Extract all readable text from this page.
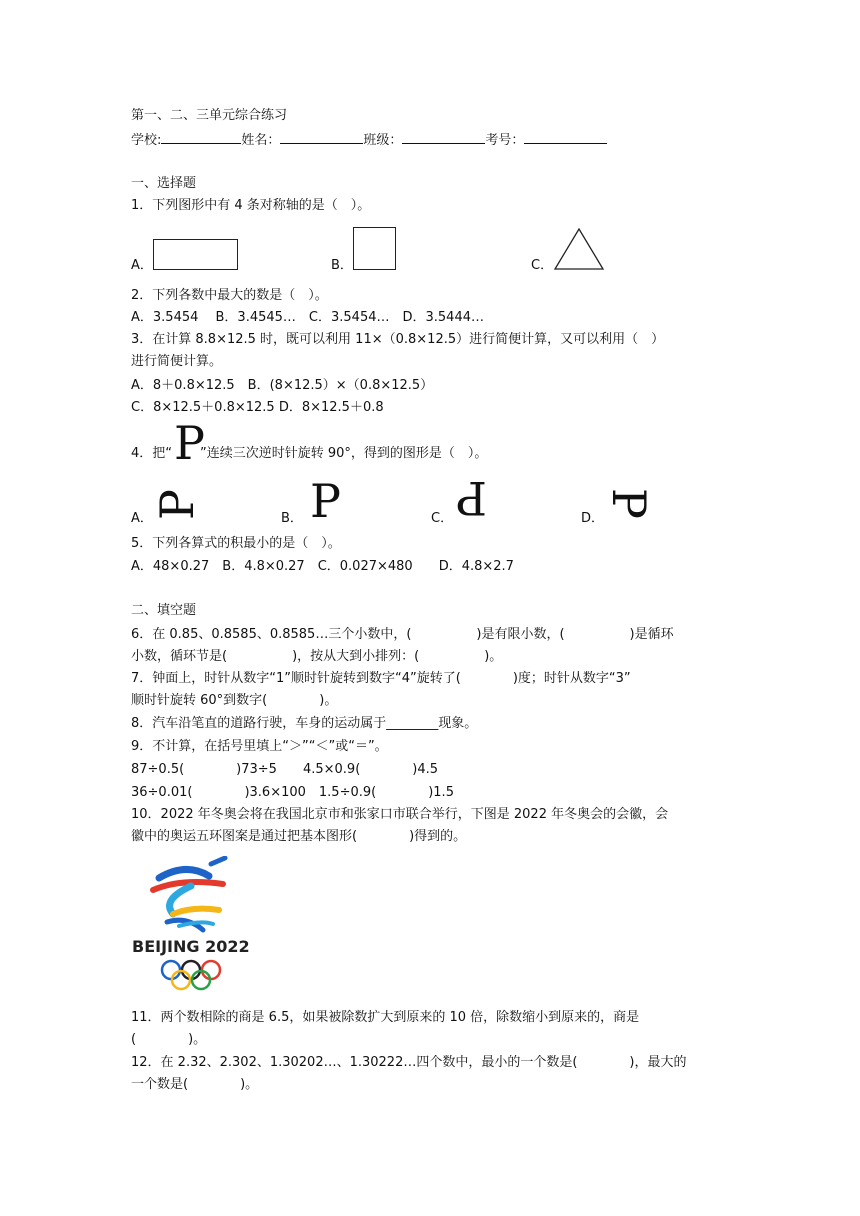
第一、二、三单元综合练习
学校:	姓名：	班级：	考号：
一、选择题
1．下列图形中有 4 条对称轴的是（　）。
A．	B．	C．
2．下列各数中最大的数是（　）。
A．3.5454　 B．3.4545…　C．3.5454…　D．3.5444…
3．在计算 8.8×12.5 时，既可以利用 11×（0.8×12.5）进行简便计算，又可以利用（　）
进行简便计算。
A．8＋0.8×12.5　B．(8×12.5）×（0.8×12.5）
C．8×12.5＋0.8×12.5 D．8×12.5＋0.8
4．把“ ”连续三次逆时针旋转 90°，得到的图形是（　）。
P
A．
P	B． P	C． P	D．
P
5．下列各算式的积最小的是（　）。
A．48×0.27　B．4.8×0.27　C．0.027×480　　D．4.8×2.7
二、填空题
6．在 0.85、0.8585、0.8585…三个小数中，(　　　　　)是有限小数，(　　　　　)是循环
小数，循环节是(　　　　　)，按从大到小排列：(　　　　　)。
7．钟面上，时针从数字“1”顺时针旋转到数字“4”旋转了(　　　　)度；时针从数字“3”
顺时针旋转 60°到数字(　　　　)。
8．汽车沿笔直的道路行驶，车身的运动属于________现象。
9．不计算，在括号里填上“＞”“＜”或“＝”。
87÷0.5(　　　　)73÷5　　4.5×0.9(　　　　)4.5
36÷0.01(　　　　)3.6×100　1.5÷0.9(　　　　)1.5
10．2022 年冬奥会将在我国北京市和张家口市联合举行，下图是 2022 年冬奥会的会徽，会
徽中的奥运五环图案是通过把基本图形(　　　　)得到的。
BEIJING 2022
11．两个数相除的商是 6.5，如果被除数扩大到原来的 10 倍，除数缩小到原来的，商是
(　　　　)。
12．在 2.32、2.302、1.30202…、1.30222…四个数中，最小的一个数是(　　　　)，最大的
一个数是(　　　　)。
